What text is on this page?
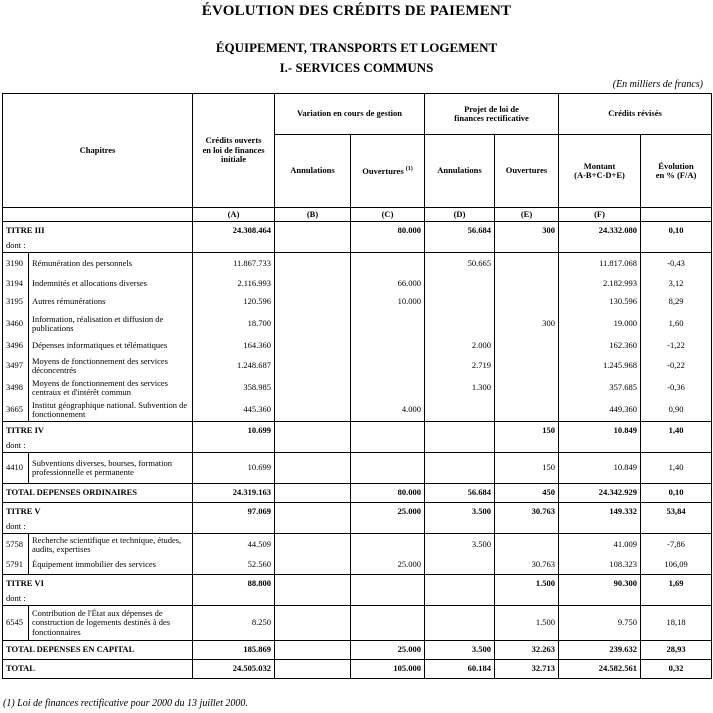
ÉVOLUTION DES CRÉDITS DE PAIEMENT
ÉQUIPEMENT, TRANSPORTS ET LOGEMENT
I.- SERVICES COMMUNS
(En milliers de francs)
Chapitres		Crédits ouverts
en loi de finances
initiale	Variation en cours de gestion		Projet de loi de
finances rectificative		Crédits révisés	
			Annulations	Ouvertures $^{(1)}$	Annulations	Ouvertures	Montant
(A-B+C-D+E)	Évolution
en % (F/A)
		(A)	(B)	(C)	(D)	(E)	(F)	
TITRE III		24.308.464		80.000	56.684	300	24.332.080	0,10
dont :								
3190	Rémunération des personnels	11.867.733			50.665		11.817.068	-0,43
3194	Indemnités et allocations diverses	2.116.993		66.000			2.182.993	3,12
3195	Autres rémunérations	120.596		10.000			130.596	8,29
3460	Information, réalisation et diffusion de publications	18.700				300	19.000	1,60
3496	Dépenses informatiques et télématiques	164.360			2.000		162.360	-1,22
3497	Moyens de fonctionnement des services déconcentrés	1.248.687			2.719		1.245.968	-0,22
3498	Moyens de fonctionnement des services centraux et d'intérêt commun	358.985			1.300		357.685	-0,36
3665	Institut géographique national. Subvention de fonctionnement	445.360		4.000			449.360	0,90
TITRE IV		10.699				150	10.849	1,40
dont :								
4410	Subventions diverses, bourses, formation professionnelle et permanente	10.699				150	10.849	1,40
TOTAL DEPENSES ORDINAIRES		24.319.163		80.000	56.684	450	24.342.929	0,10
TITRE V		97.069		25.000	3.500	30.763	149.332	53,84
dont :								
5758	Recherche scientifique et technique, études, audits, expertises	44.509			3.500		41.009	-7,86
5791	Équipement immobilier des services	52.560		25.000		30.763	108.323	106,09
TITRE VI		88.800				1.500	90.300	1,69
dont :								
6545	Contribution de l'État aux dépenses de construction de logements destinés à des fonctionnaires	8.250				1.500	9.750	18,18
TOTAL DEPENSES EN CAPITAL		185.869		25.000	3.500	32.263	239.632	28,93
TOTAL		24.505.032		105.000	60.184	32.713	24.582.561	0,32
(1) Loi de finances rectificative pour 2000 du 13 juillet 2000.
